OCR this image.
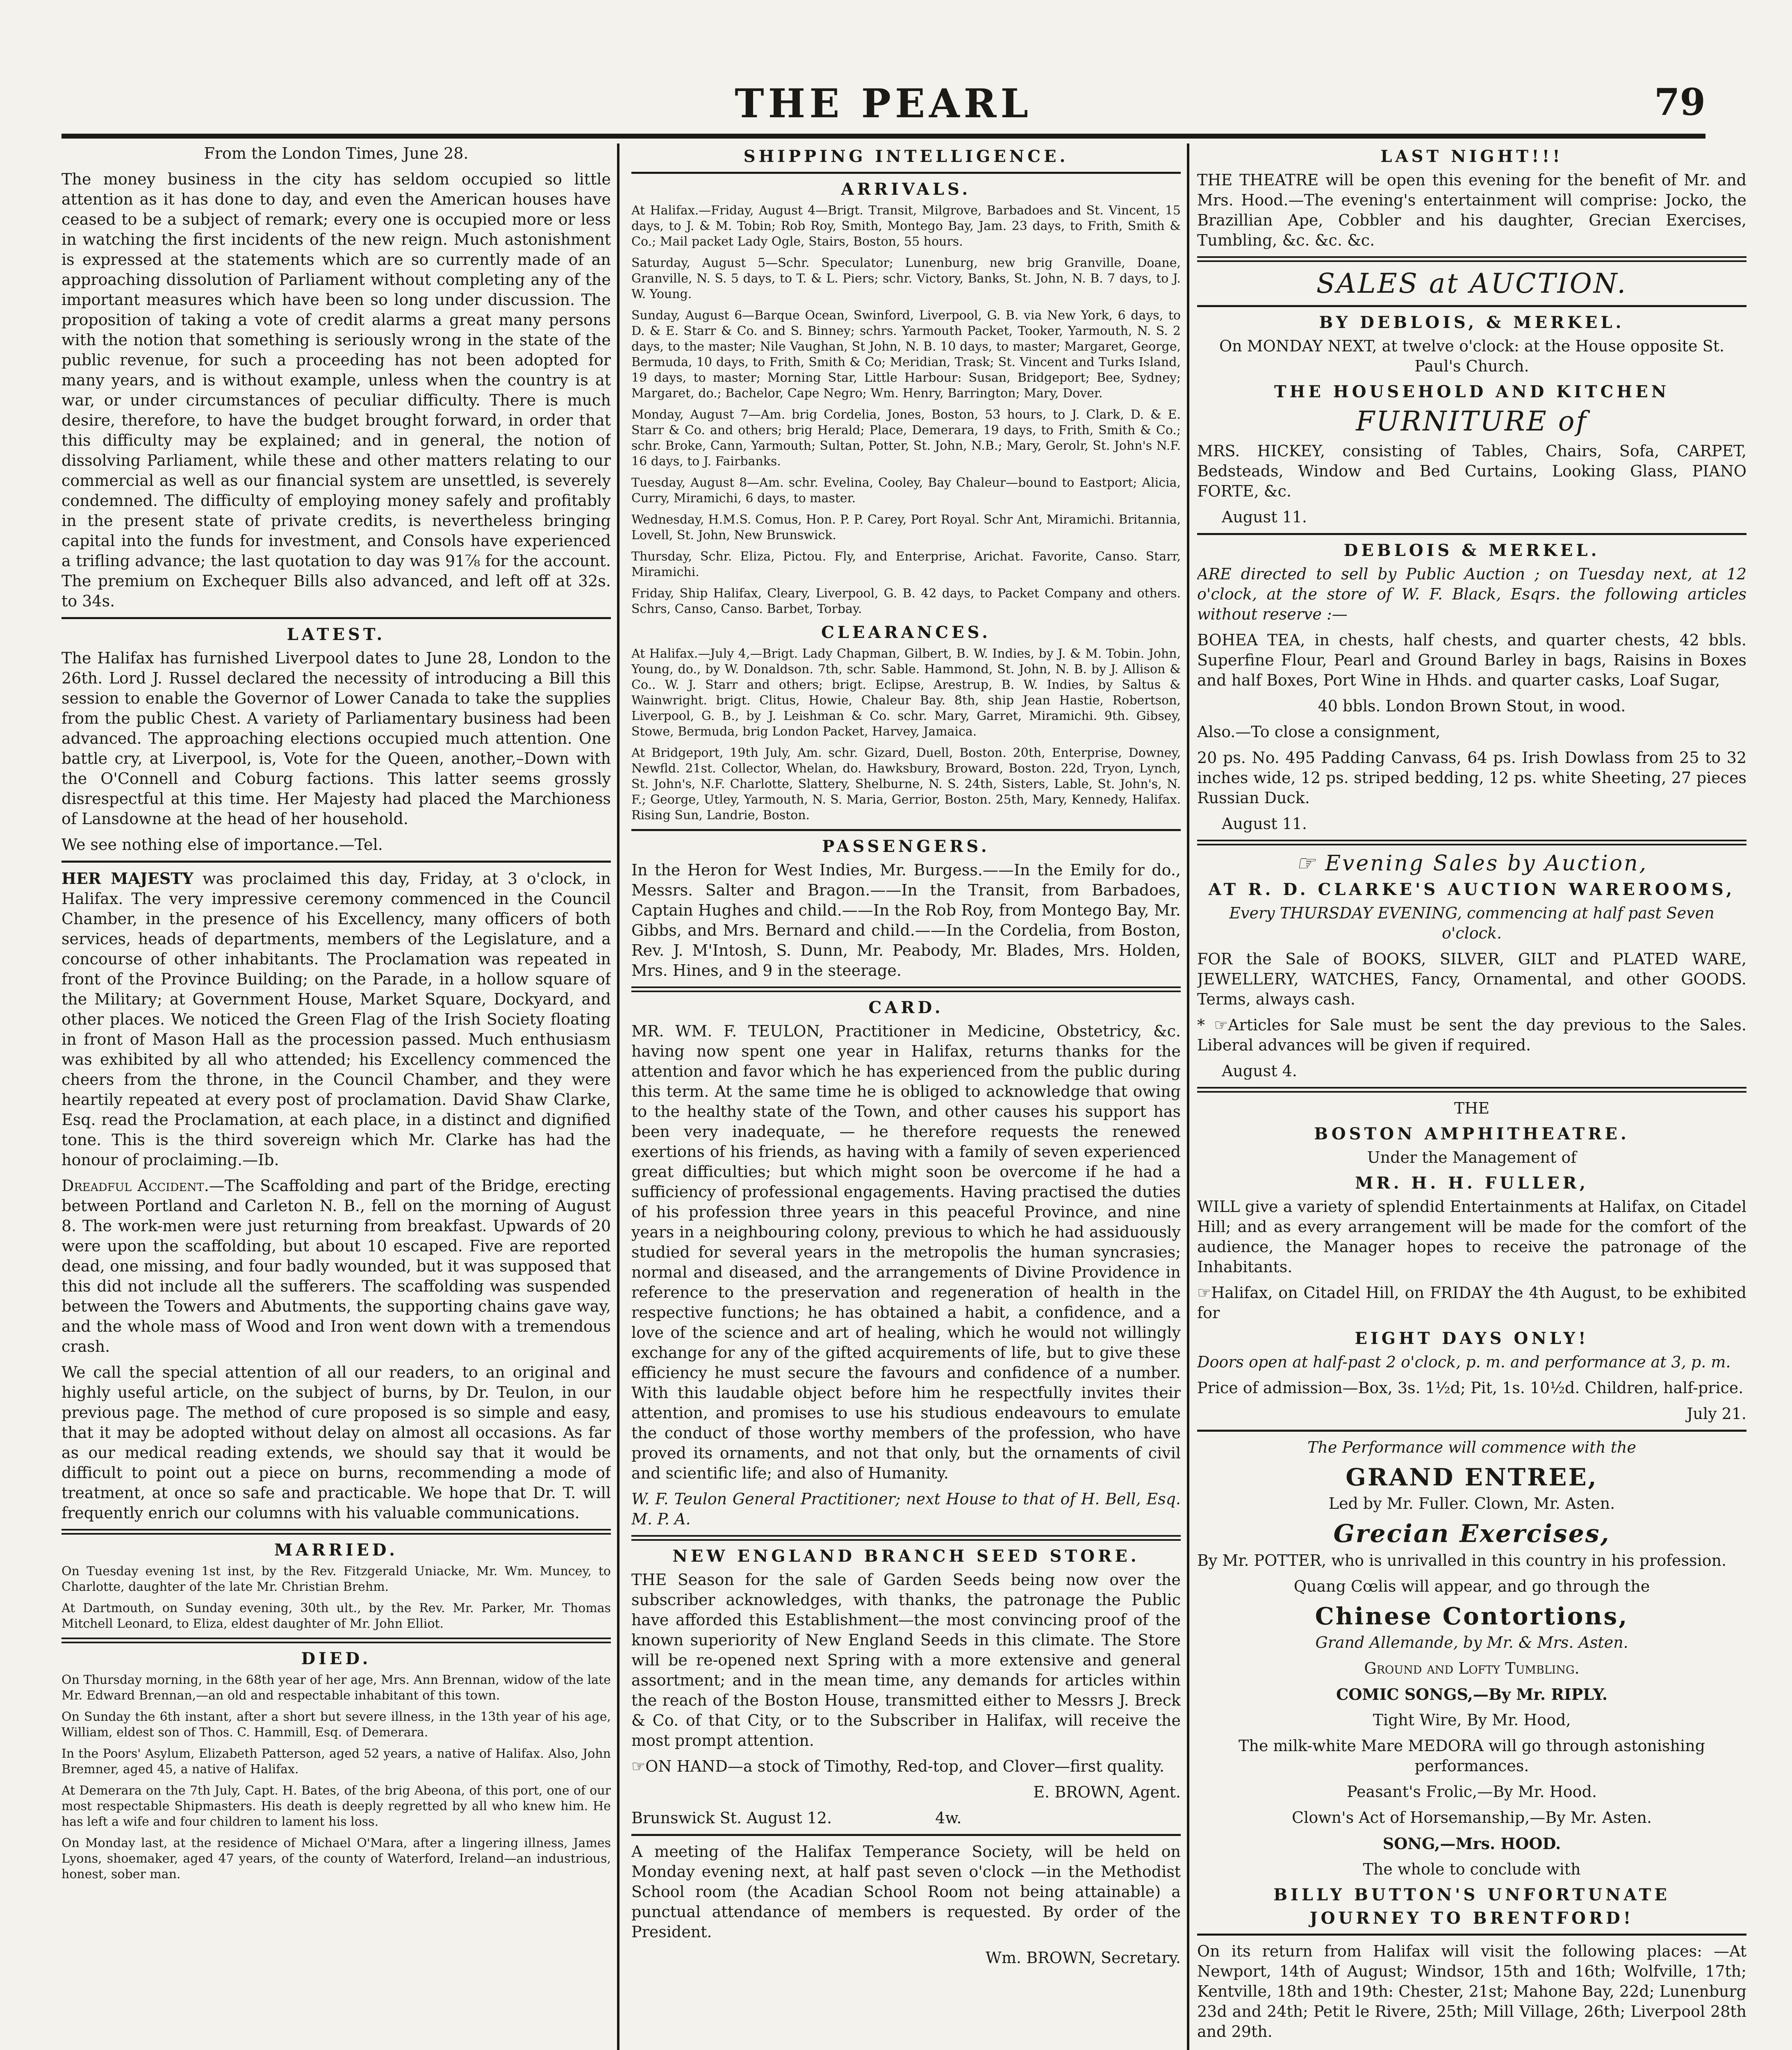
THE PEARL	79

From the London Times, June 28.

The money business in the city has seldom occupied so little attention as it has done to day, and even the American houses have ceased to be a subject of remark; every one is occupied more or less in watching the first incidents of the new reign. Much astonishment is expressed at the statements which are so currently made of an approaching dissolution of Parliament without completing any of the important measures which have been so long under discussion. The proposition of taking a vote of credit alarms a great many persons with the notion that something is seriously wrong in the state of the public revenue, for such a proceeding has not been adopted for many years, and is without example, unless when the country is at war, or under circumstances of peculiar difficulty. There is much desire, therefore, to have the budget brought forward, in order that this difficulty may be explained; and in general, the notion of dissolving Parliament, while these and other matters relating to our commercial as well as our financial system are unsettled, is severely condemned. The difficulty of employing money safely and profitably in the present state of private credits, is nevertheless bringing capital into the funds for investment, and Consols have experienced a trifling advance; the last quotation to day was 91⅞ for the account. The premium on Exchequer Bills also advanced, and left off at 32s. to 34s.

LATEST.

The Halifax has furnished Liverpool dates to June 28, London to the 26th. Lord J. Russel declared the necessity of introducing a Bill this session to enable the Governor of Lower Canada to take the supplies from the public Chest. A variety of Parliamentary business had been advanced. The approaching elections occupied much attention. One battle cry, at Liverpool, is, Vote for the Queen, another,–Down with the O'Connell and Coburg factions. This latter seems grossly disrespectful at this time. Her Majesty had placed the Marchioness of Lansdowne at the head of her household.

We see nothing else of importance.—Tel.

HER MAJESTY was proclaimed this day, Friday, at 3 o'clock, in Halifax. The very impressive ceremony commenced in the Council Chamber, in the presence of his Excellency, many officers of both services, heads of departments, members of the Legislature, and a concourse of other inhabitants. The Proclamation was repeated in front of the Province Building; on the Parade, in a hollow square of the Military; at Government House, Market Square, Dockyard, and other places. We noticed the Green Flag of the Irish Society floating in front of Mason Hall as the procession passed. Much enthusiasm was exhibited by all who attended; his Excellency commenced the cheers from the throne, in the Council Chamber, and they were heartily repeated at every post of proclamation. David Shaw Clarke, Esq. read the Proclamation, at each place, in a distinct and dignified tone. This is the third sovereign which Mr. Clarke has had the honour of proclaiming.—Ib.

Dreadful Accident.—The Scaffolding and part of the Bridge, erecting between Portland and Carleton N. B., fell on the morning of August 8. The work-men were just returning from breakfast. Upwards of 20 were upon the scaffolding, but about 10 escaped. Five are reported dead, one missing, and four badly wounded, but it was supposed that this did not include all the sufferers. The scaffolding was suspended between the Towers and Abutments, the supporting chains gave way, and the whole mass of Wood and Iron went down with a tremendous crash.

We call the special attention of all our readers, to an original and highly useful article, on the subject of burns, by Dr. Teulon, in our previous page. The method of cure proposed is so simple and easy, that it may be adopted without delay on almost all occasions. As far as our medical reading extends, we should say that it would be difficult to point out a piece on burns, recommending a mode of treatment, at once so safe and practicable. We hope that Dr. T. will frequently enrich our columns with his valuable communications.

MARRIED.

On Tuesday evening 1st inst, by the Rev. Fitzgerald Uniacke, Mr. Wm. Muncey, to Charlotte, daughter of the late Mr. Christian Brehm.

At Dartmouth, on Sunday evening, 30th ult., by the Rev. Mr. Parker, Mr. Thomas Mitchell Leonard, to Eliza, eldest daughter of Mr. John Elliot.

DIED.

On Thursday morning, in the 68th year of her age, Mrs. Ann Brennan, widow of the late Mr. Edward Brennan,—an old and respectable inhabitant of this town.

On Sunday the 6th instant, after a short but severe illness, in the 13th year of his age, William, eldest son of Thos. C. Hammill, Esq. of Demerara.

In the Poors' Asylum, Elizabeth Patterson, aged 52 years, a native of Halifax. Also, John Bremner, aged 45, a native of Halifax.

At Demerara on the 7th July, Capt. H. Bates, of the brig Abeona, of this port, one of our most respectable Shipmasters. His death is deeply regretted by all who knew him. He has left a wife and four children to lament his loss.

On Monday last, at the residence of Michael O'Mara, after a lingering illness, James Lyons, shoemaker, aged 47 years, of the county of Waterford, Ireland—an industrious, honest, sober man.

SHIPPING INTELLIGENCE.
ARRIVALS.

At Halifax.—Friday, August 4—Brigt. Transit, Milgrove, Barbadoes and St. Vincent, 15 days, to J. & M. Tobin; Rob Roy, Smith, Montego Bay, Jam. 23 days, to Frith, Smith & Co.; Mail packet Lady Ogle, Stairs, Boston, 55 hours.

Saturday, August 5—Schr. Speculator; Lunenburg, new brig Granville, Doane, Granville, N. S. 5 days, to T. & L. Piers; schr. Victory, Banks, St. John, N. B. 7 days, to J. W. Young.

Sunday, August 6—Barque Ocean, Swinford, Liverpool, G. B. via New York, 6 days, to D. & E. Starr & Co. and S. Binney; schrs. Yarmouth Packet, Tooker, Yarmouth, N. S. 2 days, to the master; Nile Vaughan, St John, N. B. 10 days, to master; Margaret, George, Bermuda, 10 days, to Frith, Smith & Co; Meridian, Trask; St. Vincent and Turks Island, 19 days, to master; Morning Star, Little Harbour: Susan, Bridgeport; Bee, Sydney; Margaret, do.; Bachelor, Cape Negro; Wm. Henry, Barrington; Mary, Dover.

Monday, August 7—Am. brig Cordelia, Jones, Boston, 53 hours, to J. Clark, D. & E. Starr & Co. and others; brig Herald; Place, Demerara, 19 days, to Frith, Smith & Co.; schr. Broke, Cann, Yarmouth; Sultan, Potter, St. John, N.B.; Mary, Gerolr, St. John's N.F. 16 days, to J. Fairbanks.

Tuesday, August 8—Am. schr. Evelina, Cooley, Bay Chaleur—bound to Eastport; Alicia, Curry, Miramichi, 6 days, to master.

Wednesday, H.M.S. Comus, Hon. P. P. Carey, Port Royal. Schr Ant, Miramichi. Britannia, Lovell, St. John, New Brunswick.

Thursday, Schr. Eliza, Pictou. Fly, and Enterprise, Arichat. Favorite, Canso. Starr, Miramichi.

Friday, Ship Halifax, Cleary, Liverpool, G. B. 42 days, to Packet Company and others. Schrs, Canso, Canso. Barbet, Torbay.

CLEARANCES.

At Halifax.—July 4,—Brigt. Lady Chapman, Gilbert, B. W. Indies, by J. & M. Tobin. John, Young, do., by W. Donaldson. 7th, schr. Sable. Hammond, St. John, N. B. by J. Allison & Co.. W. J. Starr and others; brigt. Eclipse, Arestrup, B. W. Indies, by Saltus & Wainwright. brigt. Clitus, Howie, Chaleur Bay. 8th, ship Jean Hastie, Robertson, Liverpool, G. B., by J. Leishman & Co. schr. Mary, Garret, Miramichi. 9th. Gibsey, Stowe, Bermuda, brig London Packet, Harvey, Jamaica.

At Bridgeport, 19th July, Am. schr. Gizard, Duell, Boston. 20th, Enterprise, Downey, Newfld. 21st. Collector, Whelan, do. Hawksbury, Broward, Boston. 22d, Tryon, Lynch, St. John's, N.F. Charlotte, Slattery, Shelburne, N. S. 24th, Sisters, Lable, St. John's, N. F.; George, Utley, Yarmouth, N. S. Maria, Gerrior, Boston. 25th, Mary, Kennedy, Halifax. Rising Sun, Landrie, Boston.

PASSENGERS.

In the Heron for West Indies, Mr. Burgess.——In the Emily for do., Messrs. Salter and Bragon.——In the Transit, from Barbadoes, Captain Hughes and child.——In the Rob Roy, from Montego Bay, Mr. Gibbs, and Mrs. Bernard and child.——In the Cordelia, from Boston, Rev. J. M'Intosh, S. Dunn, Mr. Peabody, Mr. Blades, Mrs. Holden, Mrs. Hines, and 9 in the steerage.

CARD.

MR. WM. F. TEULON, Practitioner in Medicine, Obstetricy, &c. having now spent one year in Halifax, returns thanks for the attention and favor which he has experienced from the public during this term. At the same time he is obliged to acknowledge that owing to the healthy state of the Town, and other causes his support has been very inadequate, — he therefore requests the renewed exertions of his friends, as having with a family of seven experienced great difficulties; but which might soon be overcome if he had a sufficiency of professional engagements. Having practised the duties of his profession three years in this peaceful Province, and nine years in a neighbouring colony, previous to which he had assiduously studied for several years in the metropolis the human syncrasies; normal and diseased, and the arrangements of Divine Providence in reference to the preservation and regeneration of health in the respective functions; he has obtained a habit, a confidence, and a love of the science and art of healing, which he would not willingly exchange for any of the gifted acquirements of life, but to give these efficiency he must secure the favours and confidence of a number. With this laudable object before him he respectfully invites their attention, and promises to use his studious endeavours to emulate the conduct of those worthy members of the profession, who have proved its ornaments, and not that only, but the ornaments of civil and scientific life; and also of Humanity.

W. F. Teulon General Practitioner; next House to that of H. Bell, Esq. M. P. A.

NEW ENGLAND BRANCH SEED STORE.

THE Season for the sale of Garden Seeds being now over the subscriber acknowledges, with thanks, the patronage the Public have afforded this Establishment—the most convincing proof of the known superiority of New England Seeds in this climate. The Store will be re-opened next Spring with a more extensive and general assortment; and in the mean time, any demands for articles within the reach of the Boston House, transmitted either to Messrs J. Breck & Co. of that City, or to the Subscriber in Halifax, will receive the most prompt attention.

☞ON HAND—a stock of Timothy, Red-top, and Clover—first quality.

E. BROWN, Agent.

Brunswick St. August 12.	4w.

A meeting of the Halifax Temperance Society, will be held on Monday evening next, at half past seven o'clock —in the Methodist School room (the Acadian School Room not being attainable) a punctual attendance of members is requested. By order of the President.

Wm. BROWN, Secretary.

LAST NIGHT!!!

THE THEATRE will be open this evening for the benefit of Mr. and Mrs. Hood.—The evening's entertainment will comprise: Jocko, the Brazillian Ape, Cobbler and his daughter, Grecian Exercises, Tumbling, &c. &c. &c.

SALES at AUCTION.
BY DEBLOIS, & MERKEL.

On MONDAY NEXT, at twelve o'clock: at the House opposite St. Paul's Church.

THE HOUSEHOLD AND KITCHEN
FURNITURE of

MRS. HICKEY, consisting of Tables, Chairs, Sofa, CARPET, Bedsteads, Window and Bed Curtains, Looking Glass, PIANO FORTE, &c.

August 11.

DEBLOIS & MERKEL.

ARE directed to sell by Public Auction ; on Tuesday next, at 12 o'clock, at the store of W. F. Black, Esqrs. the following articles without reserve :—

BOHEA TEA, in chests, half chests, and quarter chests, 42 bbls. Superfine Flour, Pearl and Ground Barley in bags, Raisins in Boxes and half Boxes, Port Wine in Hhds. and quarter casks, Loaf Sugar,

40 bbls. London Brown Stout, in wood.

Also.—To close a consignment,

20 ps. No. 495 Padding Canvass, 64 ps. Irish Dowlass from 25 to 32 inches wide, 12 ps. striped bedding, 12 ps. white Sheeting, 27 pieces Russian Duck.

August 11.

☞ Evening Sales by Auction,
AT R. D. CLARKE'S AUCTION WAREROOMS,

Every THURSDAY EVENING, commencing at half past Seven o'clock.

FOR the Sale of BOOKS, SILVER, GILT and PLATED WARE, JEWELLERY, WATCHES, Fancy, Ornamental, and other GOODS. Terms, always cash.

* ☞Articles for Sale must be sent the day previous to the Sales. Liberal advances will be given if required.

August 4.

THE

BOSTON AMPHITHEATRE.

Under the Management of

MR. H. H. FULLER,

WILL give a variety of splendid Entertainments at Halifax, on Citadel Hill; and as every arrangement will be made for the comfort of the audience, the Manager hopes to receive the patronage of the Inhabitants.

☞Halifax, on Citadel Hill, on FRIDAY the 4th August, to be exhibited for

EIGHT DAYS ONLY!

Doors open at half-past 2 o'clock, p. m. and performance at 3, p. m.

Price of admission—Box, 3s. 1½d; Pit, 1s. 10½d. Children, half-price.

July 21.

The Performance will commence with the

GRAND ENTREE,

Led by Mr. Fuller. Clown, Mr. Asten.

Grecian Exercises,

By Mr. POTTER, who is unrivalled in this country in his profession.

Quang Cœlis will appear, and go through the

Chinese Contortions,

Grand Allemande, by Mr. & Mrs. Asten.

Ground and Lofty Tumbling.

COMIC SONGS,—By Mr. RIPLY.

Tight Wire, By Mr. Hood,

The milk-white Mare MEDORA will go through astonishing performances.

Peasant's Frolic,—By Mr. Hood.

Clown's Act of Horsemanship,—By Mr. Asten.

SONG,—Mrs. HOOD.

The whole to conclude with

BILLY BUTTON'S UNFORTUNATE
JOURNEY TO BRENTFORD!

On its return from Halifax will visit the following places: —At Newport, 14th of August; Windsor, 15th and 16th; Wolfville, 17th; Kentville, 18th and 19th: Chester, 21st; Mahone Bay, 22d; Lunenburg 23d and 24th; Petit le Rivere, 25th; Mill Village, 26th; Liverpool 28th and 29th.
